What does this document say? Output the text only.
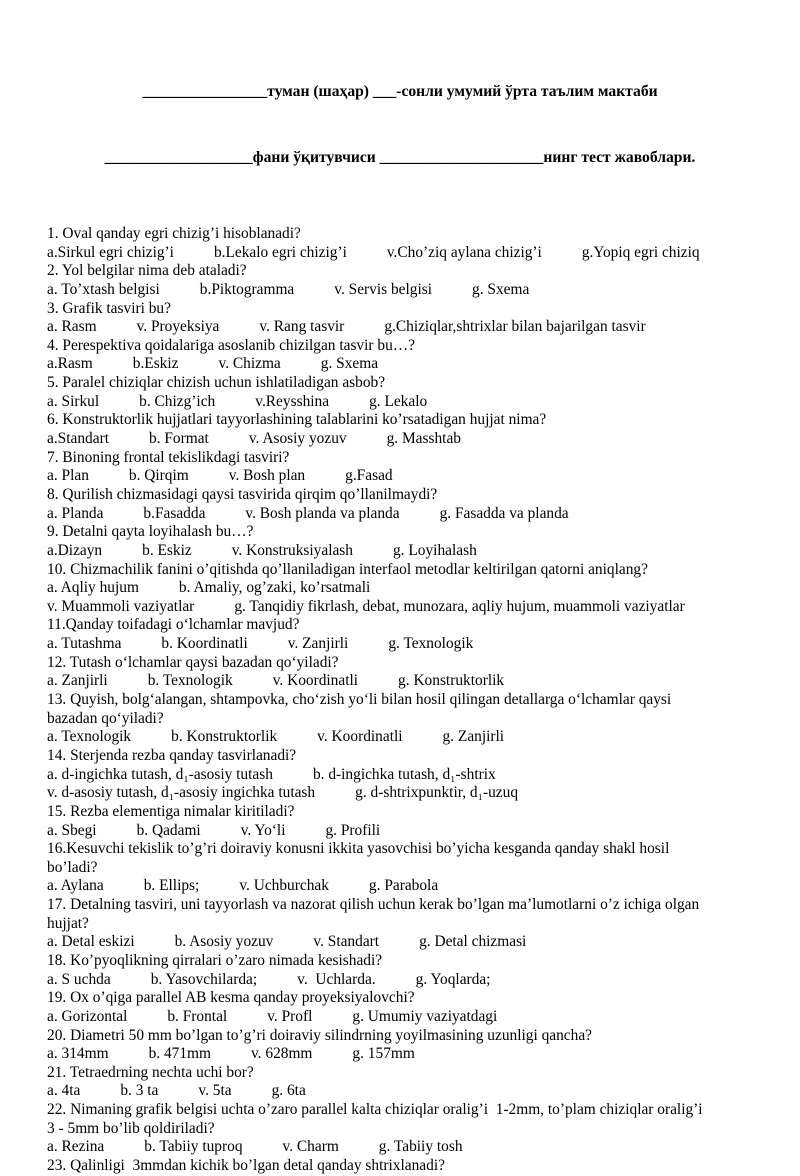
________________туман (шаҳар) ___-сонли умумий ўрта таълим мактаби

___________________фани ўқитувчиси _____________________нинг тест жавоблари.

1. Oval qanday egri chizig’i hisoblanadi?
a.Sirkul egri chizig’i	b.Lekalo egri chizig’i	v.Cho’ziq aylana chizig’i	g.Yopiq egri chiziq
2. Yol belgilar nima deb ataladi?
a. To’xtash belgisi	b.Piktogramma	v. Servis belgisi	g. Sxema
3. Grafik tasviri bu?
a. Rasm	v. Proyeksiya	v. Rang tasvir	g.Chiziqlar,shtrixlar bilan bajarilgan tasvir
4. Perespektiva qoidalariga asoslanib chizilgan tasvir bu…?
a.Rasm	b.Eskiz	v. Chizma	g. Sxema
5. Paralel chiziqlar chizish uchun ishlatiladigan asbob?
a. Sirkul	b. Chizg’ich	v.Reysshina	g. Lekalo
6. Konstruktorlik hujjatlari tayyorlashining talablarini ko’rsatadigan hujjat nima?
a.Standart	b. Format	v. Asosiy yozuv	g. Masshtab
7. Binoning frontal tekislikdagi tasviri?
a. Plan	b. Qirqim	v. Bosh plan	g.Fasad
8. Qurilish chizmasidagi qaysi tasvirida qirqim qo’llanilmaydi?
a. Planda	b.Fasadda	v. Bosh planda va planda	g. Fasadda va planda
9. Detalni qayta loyihalash bu…?
a.Dizayn	b. Eskiz	v. Konstruksiyalash	g. Loyihalash
10. Chizmachilik fanini o’qitishda qo’llaniladigan interfaol metodlar keltirilgan qatorni aniqlang?
a. Aqliy hujum	b. Amaliy, og’zaki, ko’rsatmali
v. Muammoli vaziyatlar	g. Tanqidiy fikrlash, debat, munozara, aqliy hujum, muammoli vaziyatlar
11.Qanday toifadagi o‘lchamlar mavjud?
a. Tutashma	b. Koordinatli	v. Zanjirli	g. Texnologik
12. Tutash o‘lchamlar qaysi bazadan qo‘yiladi?
a. Zanjirli	b. Texnologik	v. Koordinatli	g. Konstruktorlik
13. Quyish, bolg‘alangan, shtampovka, cho‘zish yo‘li bilan hosil qilingan detallarga o‘lchamlar qaysi
bazadan qo‘yiladi?
a. Texnologik	b. Konstruktorlik	v. Koordinatli	g. Zanjirli
14. Sterjenda rezba qanday tasvirlanadi?
a. d-ingichka tutash, d₁-asosiy tutash	b. d-ingichka tutash, d₁-shtrix
v. d-asosiy tutash, d₁-asosiy ingichka tutash	g. d-shtrixpunktir, d₁-uzuq
15. Rezba elementiga nimalar kiritiladi?
a. Sbegi	b. Qadami	v. Yo‘li	g. Profili
16.Kesuvchi tekislik to’g’ri doiraviy konusni ikkita yasovchisi bo’yicha kesganda qanday shakl hosil
bo’ladi?
a. Aylana	b. Ellips;	v. Uchburchak	g. Parabola
17. Detalning tasviri, uni tayyorlash va nazorat qilish uchun kerak bo’lgan ma’lumotlarni o’z ichiga olgan
hujjat?
a. Detal eskizi	b. Asosiy yozuv	v. Standart	g. Detal chizmasi
18. Ko’pyoqlikning qirralari o’zaro nimada kesishadi?
a. S uchda	b. Yasovchilarda;	v.  Uchlarda.	g. Yoqlarda;
19. Ox o’qiga parallel AB kesma qanday proyeksiyalovchi?
a. Gorizontal	b. Frontal	v. Profl	g. Umumiy vaziyatdagi
20. Diametri 50 mm bo’lgan to’g’ri doiraviy silindrning yoyilmasining uzunligi qancha?
a. 314mm	b. 471mm	v. 628mm	g. 157mm
21. Tetraedrning nechta uchi bor?
a. 4ta	b. 3 ta	v. 5ta	g. 6ta
22. Nimaning grafik belgisi uchta o’zaro parallel kalta chiziqlar oralig’i  1-2mm, to’plam chiziqlar oralig’i
3 - 5mm bo’lib qoldiriladi?
a. Rezina	b. Tabiiy tuproq	v. Charm	g. Tabiiy tosh
23. Qalinligi  3mmdan kichik bo’lgan detal qanday shtrixlanadi?
